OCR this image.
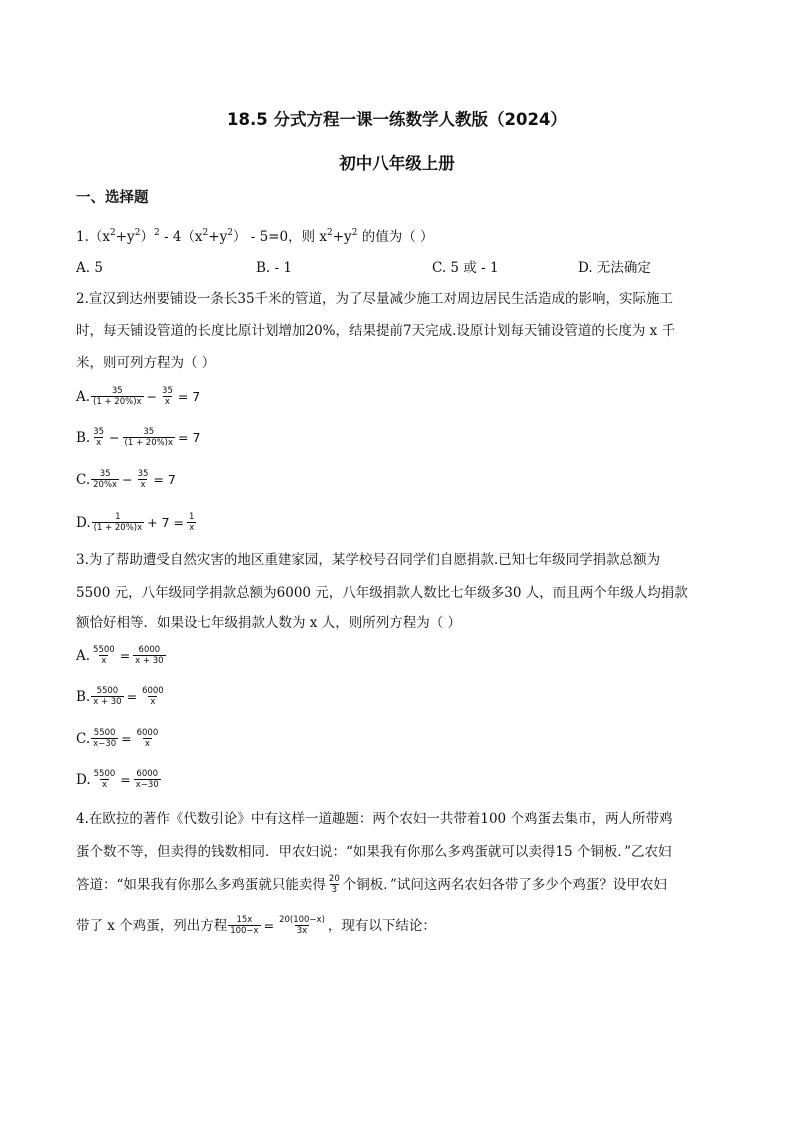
18.5 分式方程一课一练数学人教版（2024）
初中八年级上册
一、选择题
$1.(x^2+y^2)^2 - 4(x^2+y^2) - 5=0$，则 $x^2+y^2$ 的值为（ ）
A. 5	B. ‑ 1	C. 5 或 ‑ 1	D. 无法确定
2.宣汉到达州要铺设一条长35千米的管道，为了尽量减少施工对周边居民生活造成的影响，实际施工
时，每天铺设管道的长度比原计划增加20%，结果提前7天完成.设原计划每天铺设管道的长度为 x 千
米，则可列方程为（ ）
A. $\frac{35}{(1 + 20\%)x} - \frac{35}{x} = 7$
B. $\frac{35}{x} - \frac{35}{(1 + 20\%)x} = 7$
C. $\frac{35}{20\%x} - \frac{35}{x} = 7$
D. $\frac{1}{(1 + 20\%)x} + 7 = \frac{1}{x}$
3.为了帮助遭受自然灾害的地区重建家园，某学校号召同学们自愿捐款.已知七年级同学捐款总额为
5500 元，八年级同学捐款总额为6000 元，八年级捐款人数比七年级多30 人，而且两个年级人均捐款
额恰好相等．如果设七年级捐款人数为 x 人，则所列方程为（ ）
A. $\frac{5500}{x} = \frac{6000}{x + 30}$
B. $\frac{5500}{x + 30} = \frac{6000}{x}$
C. $\frac{5500}{x-30} = \frac{6000}{x}$
D. $\frac{5500}{x} = \frac{6000}{x-30}$
4.在欧拉的著作《代数引论》中有这样一道趣题：两个农妇一共带着100 个鸡蛋去集市，两人所带鸡
蛋个数不等，但卖得的钱数相同．甲农妇说：“如果我有你那么多鸡蛋就可以卖得15 个铜板．”乙农妇
答道：“如果我有你那么多鸡蛋就只能卖得 $\frac{20}{3}$ 个铜板．”试问这两名农妇各带了多少个鸡蛋？设甲农妇
带了 x 个鸡蛋，列出方程 $\frac{15x}{100-x} = \frac{20(100-x)}{3x}$ ，现有以下结论：
